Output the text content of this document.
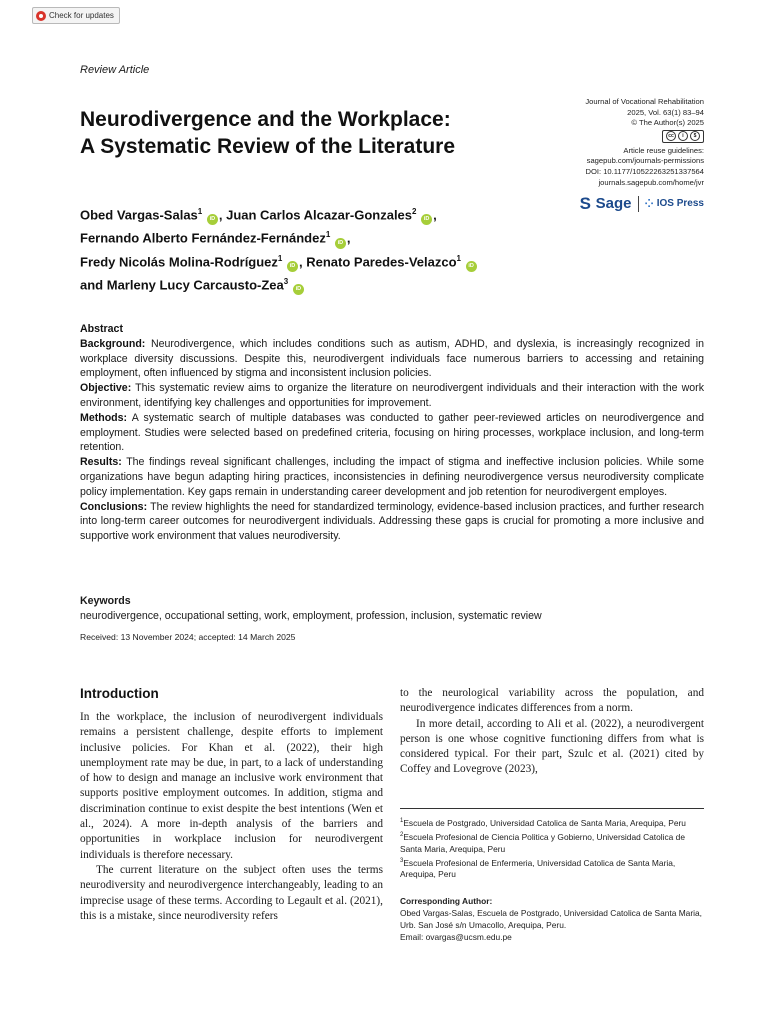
Check for updates
Review Article
Neurodivergence and the Workplace:
A Systematic Review of the Literature
Journal of Vocational Rehabilitation
2025, Vol. 63(1) 83–94
© The Author(s) 2025
cc	i	$
Article reuse guidelines:
sagepub.com/journals-permissions
DOI: 10.1177/10522263251337564
journals.sagepub.com/home/jvr
S Sage ⁘ IOS Press
Obed Vargas-Salas$^1$ iD , Juan Carlos Alcazar-Gonzales$^2$ iD ,
Fernando Alberto Fernández-Fernández$^1$ iD ,
Fredy Nicolás Molina-Rodríguez$^1$ iD , Renato Paredes-Velazco$^1$ iD
and Marleny Lucy Carcausto-Zea$^3$ iD

Abstract

Background: Neurodivergence, which includes conditions such as autism, ADHD, and dyslexia, is increasingly recognized in workplace diversity discussions. Despite this, neurodivergent individuals face numerous barriers to accessing and retaining employment, often influenced by stigma and inconsistent inclusion policies.

Objective: This systematic review aims to organize the literature on neurodivergent individuals and their interaction with the work environment, identifying key challenges and opportunities for improvement.

Methods: A systematic search of multiple databases was conducted to gather peer-reviewed articles on neurodivergence and employment. Studies were selected based on predefined criteria, focusing on hiring processes, workplace inclusion, and long-term retention.

Results: The findings reveal significant challenges, including the impact of stigma and ineffective inclusion policies. While some organizations have begun adapting hiring practices, inconsistencies in defining neurodivergence versus neurodiversity complicate policy implementation. Key gaps remain in understanding career development and job retention for neurodivergent employes.

Conclusions: The review highlights the need for standardized terminology, evidence-based inclusion practices, and further research into long-term career outcomes for neurodivergent individuals. Addressing these gaps is crucial for promoting a more inclusive and supportive work environment that values neurodiversity.

Keywords
neurodivergence, occupational setting, work, employment, profession, inclusion, systematic review
Received: 13 November 2024; accepted: 14 March 2025
Introduction

In the workplace, the inclusion of neurodivergent individuals remains a persistent challenge, despite efforts to implement inclusive policies. For Khan et al. (2022), their high unemployment rate may be due, in part, to a lack of understanding of how to design and manage an inclusive work environment that supports positive employment outcomes. In addition, stigma and discrimination continue to exist despite the best intentions (Wen et al., 2024). A more in-depth analysis of the barriers and opportunities in workplace inclusion for neurodivergent individuals is therefore necessary.

The current literature on the subject often uses the terms neurodiversity and neurodivergence interchangeably, leading to an imprecise usage of these terms. According to Legault et al. (2021), this is a mistake, since neurodiversity refers

to the neurological variability across the population, and neurodivergence indicates differences from a norm.

In more detail, according to Ali et al. (2022), a neurodivergent person is one whose cognitive functioning differs from what is considered typical. For their part, Szulc et al. (2021) cited by Coffey and Lovegrove (2023),

$^1$Escuela de Postgrado, Universidad Catolica de Santa Maria, Arequipa, Peru
$^2$Escuela Profesional de Ciencia Politica y Gobierno, Universidad Catolica de Santa Maria, Arequipa, Peru
$^3$Escuela Profesional de Enfermeria, Universidad Catolica de Santa Maria, Arequipa, Peru
Corresponding Author:
Obed Vargas-Salas, Escuela de Postgrado, Universidad Catolica de Santa Maria, Urb. San José s/n Umacollo, Arequipa, Peru.
Email: ovargas@ucsm.edu.pe
